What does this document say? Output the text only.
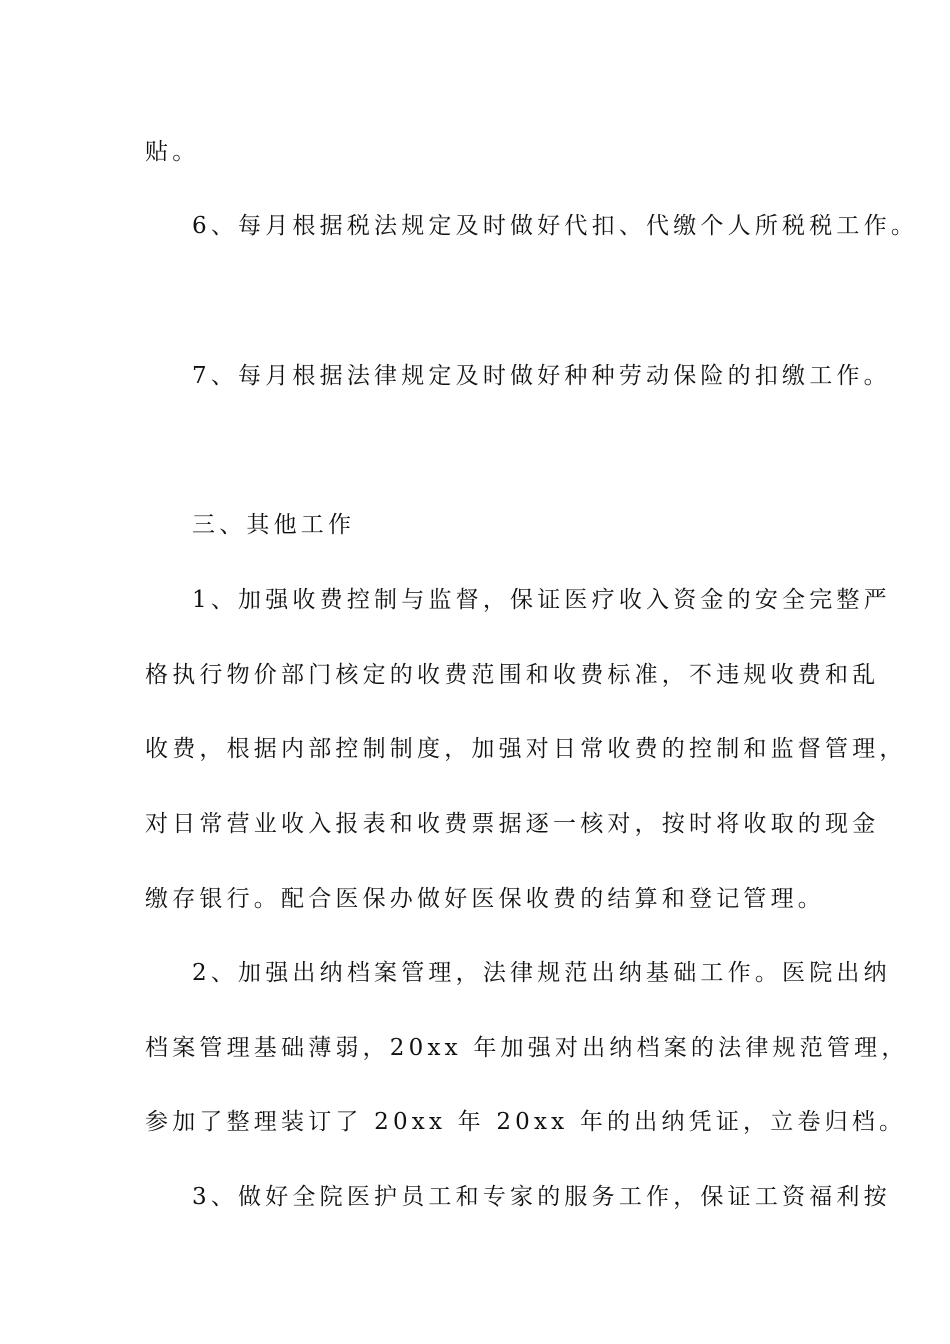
贴。
6、每月根据税法规定及时做好代扣、代缴个人所税税工作。
7、每月根据法律规定及时做好种种劳动保险的扣缴工作。
三、其他工作
1、加强收费控制与监督，保证医疗收入资金的安全完整严
格执行物价部门核定的收费范围和收费标准，不违规收费和乱
收费，根据内部控制制度，加强对日常收费的控制和监督管理，
对日常营业收入报表和收费票据逐一核对，按时将收取的现金
缴存银行。配合医保办做好医保收费的结算和登记管理。
2、加强出纳档案管理，法律规范出纳基础工作。医院出纳
档案管理基础薄弱，20xx 年加强对出纳档案的法律规范管理，
参加了整理装订了 20xx 年 20xx 年的出纳凭证，立卷归档。
3、做好全院医护员工和专家的服务工作，保证工资福利按
